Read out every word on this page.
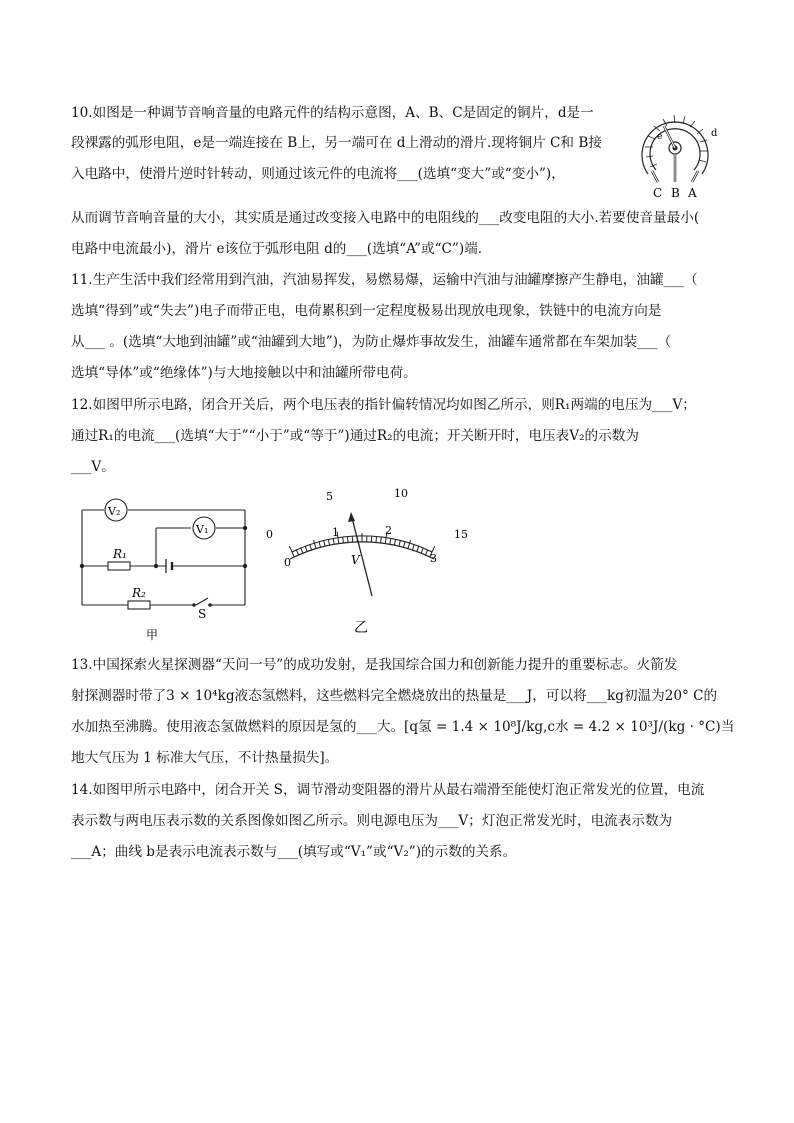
10.如图是一种调节音响音量的电路元件的结构示意图，A、B、C是固定的铜片，d是一
段裸露的弧形电阻，e是一端连接在 B上，另一端可在 d上滑动的滑片.现将铜片 C和 B接
入电路中，使滑片逆时针转动，则通过该元件的电流将___(选填“变大”或“变小”)，
从而调节音响音量的大小，其实质是通过改变接入电路中的电阻线的___改变电阻的大小.若要使音量最小(
电路中电流最小)，滑片 e该位于弧形电阻 d的___(选填“A”或“C”)端.
e	d
C B A
11.生产生活中我们经常用到汽油，汽油易挥发，易燃易爆，运输中汽油与油罐摩擦产生静电，油罐___（
选填“得到”或“失去”)电子而带正电，电荷累积到一定程度极易出现放电现象，铁链中的电流方向是
从___ 。(选填“大地到油罐”或“油罐到大地”)，为防止爆炸事故发生，油罐车通常都在车架加装___（
选填“导体”或“绝缘体”)与大地接触以中和油罐所带电荷。
12.如图甲所示电路，闭合开关后，两个电压表的指针偏转情况均如图乙所示，则R₁两端的电压为___V；
通过R₁的电流___(选填“大于”“小于”或“等于”)通过R₂的电流；开关断开时，电压表V₂的示数为
___V。
V₂
V₁
R₁
R₂
S
甲
0
5	10
15
0
1	2
3
V
乙
13.中国探索火星探测器“天问一号”的成功发射，是我国综合国力和创新能力提升的重要标志。火箭发
射探测器时带了3 × 10⁴kg液态氢燃料，这些燃料完全燃烧放出的热量是___J，可以将___kg初温为20° C的
水加热至沸腾。使用液态氢做燃料的原因是氢的___大。[q氢 = 1.4 × 10⁸J/kg,c水 = 4.2 × 10³J/(kg · °C)当
地大气压为 1 标准大气压，不计热量损失]。
14.如图甲所示电路中，闭合开关 S，调节滑动变阻器的滑片从最右端滑至能使灯泡正常发光的位置，电流
表示数与两电压表示数的关系图像如图乙所示。则电源电压为___V；灯泡正常发光时，电流表示数为
___A；曲线 b是表示电流表示数与___(填写或“V₁”或“V₂”)的示数的关系。
